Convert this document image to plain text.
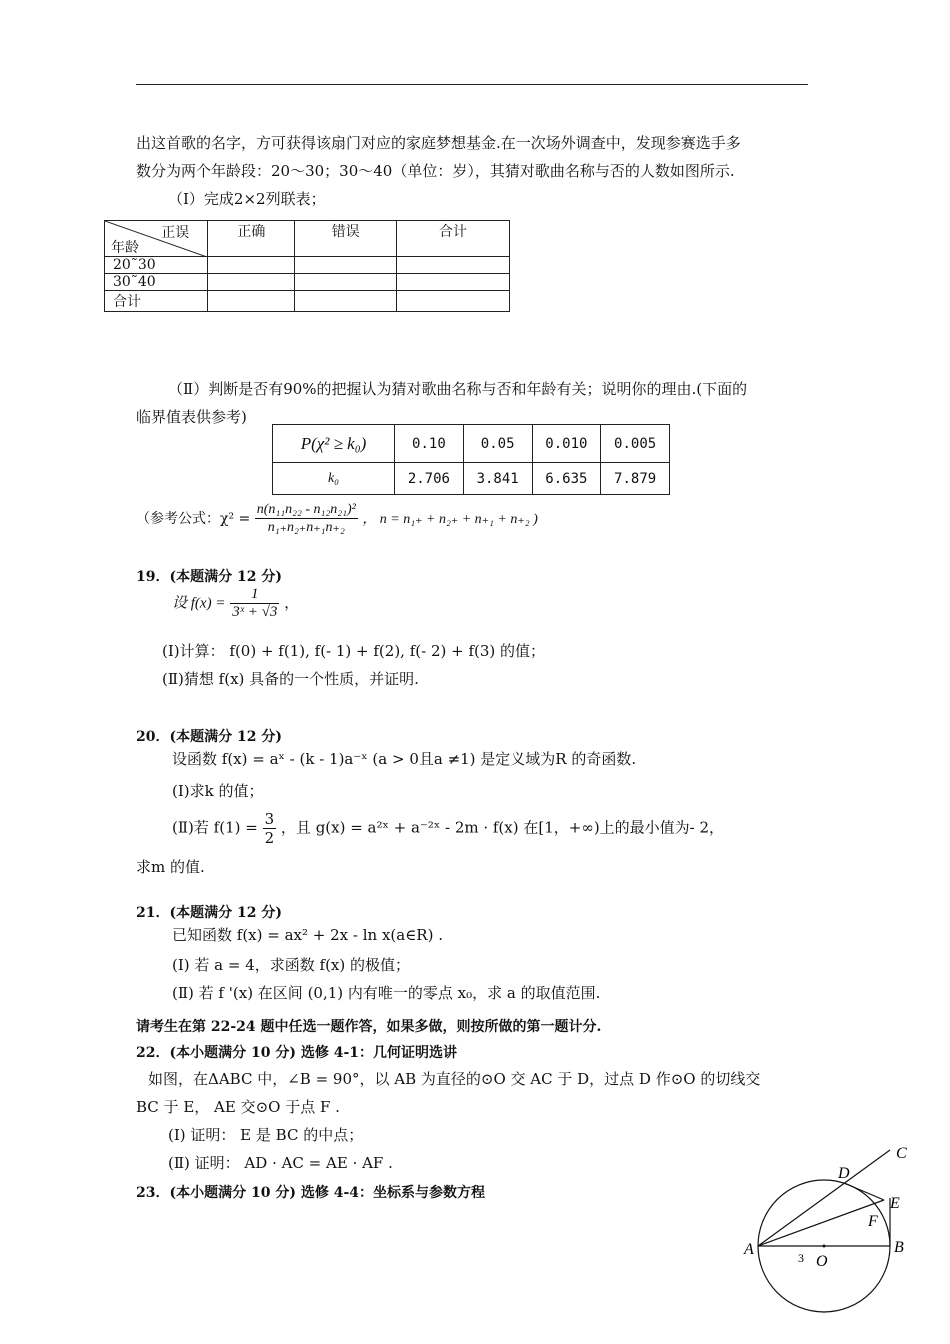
出这首歌的名字，方可获得该扇门对应的家庭梦想基金.在一次场外调查中，发现参赛选手多
数分为两个年龄段：20～30；30～40（单位：岁），其猜对歌曲名称与否的人数如图所示.
（Ⅰ）完成2×2列联表；
正误
年龄	正确	错误	合计
20˜30			
30˜40			
合计			
（Ⅱ）判断是否有90%的把握认为猜对歌曲名称与否和年龄有关；说明你的理由.(下面的
临界值表供参考)
P(χ² ≥ k₀)	0.10	0.05	0.010	0.005
k₀	2.706	3.841	6.635	7.879
（参考公式：$\chi^2 = \frac{\text{n(n₁₁n₂₂ - n₁₂n₂₁)²}}{\text{n₁₊n₂₊n₊₁n₊₂}}$ ， n = n₁₊ + n₂₊ + n₊₁ + n₊₂ )
19．(本题满分 12 分)
设 $f(x) = \frac{1}{\text{3ˣ + √3}}$ ，
(Ⅰ)计算： f(0) + f(1), f(- 1) + f(2), f(- 2) + f(3) 的值；
(Ⅱ)猜想 f(x) 具备的一个性质，并证明.
20．(本题满分 12 分)
设函数 f(x) = aˣ - (k - 1)a⁻ˣ (a > 0且a ≠1) 是定义域为R 的奇函数.
(Ⅰ)求k 的值；
(Ⅱ)若 $f(1) = \frac{3}{2}$ ，且 g(x) = a²ˣ + a⁻²ˣ - 2m · f(x) 在[1，+∞)上的最小值为- 2，
求m 的值.
21．(本题满分 12 分)
已知函数 f(x) = ax² + 2x - ln x(a∈R) .
(Ⅰ) 若 a = 4，求函数 f(x) 的极值；
(Ⅱ) 若 f '(x) 在区间 (0,1) 内有唯一的零点 x₀，求 a 的取值范围.
请考生在第 22-24 题中任选一题作答，如果多做，则按所做的第一题计分.
22．(本小题满分 10 分) 选修 4-1：几何证明选讲
如图，在ΔABC 中，∠B = 90°，以 AB 为直径的⊙O 交 AC 于 D，过点 D 作⊙O 的切线交
BC 于 E， AE 交⊙O 于点 F .
(Ⅰ) 证明： E 是 BC 的中点；
(Ⅱ) 证明： AD · AC = AE · AF .
23．(本小题满分 10 分) 选修 4-4：坐标系与参数方程
C
D
E
F
A	B
O
3
